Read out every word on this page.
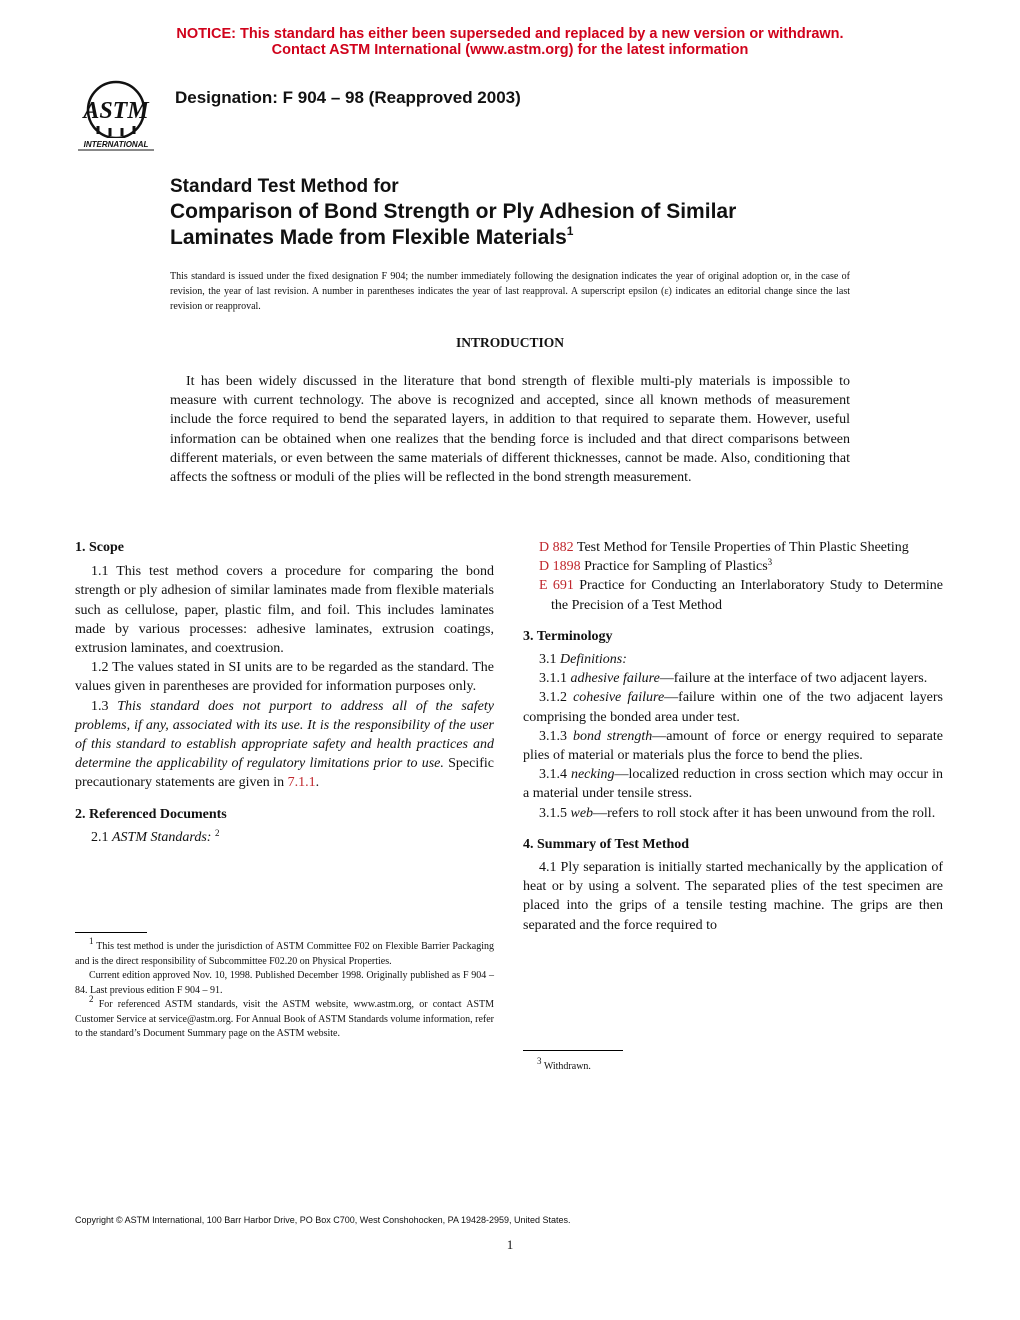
NOTICE: This standard has either been superseded and replaced by a new version or withdrawn.
Contact ASTM International (www.astm.org) for the latest information
ASTM
INTERNATIONAL
Designation: F 904 – 98 (Reapproved 2003)
Standard Test Method for
Comparison of Bond Strength or Ply Adhesion of Similar
Laminates Made from Flexible Materials$^1$
This standard is issued under the fixed designation F 904; the number immediately following the designation indicates the year of original adoption or, in the case of revision, the year of last revision. A number in parentheses indicates the year of last reapproval. A superscript epsilon (ε) indicates an editorial change since the last revision or reapproval.
INTRODUCTION
It has been widely discussed in the literature that bond strength of flexible multi-ply materials is impossible to measure with current technology. The above is recognized and accepted, since all known methods of measurement include the force required to bend the separated layers, in addition to that required to separate them. However, useful information can be obtained when one realizes that the bending force is included and that direct comparisons between different materials, or even between the same materials of different thicknesses, cannot be made. Also, conditioning that affects the softness or moduli of the plies will be reflected in the bond strength measurement.
1. Scope

1.1 This test method covers a procedure for comparing the bond strength or ply adhesion of similar laminates made from flexible materials such as cellulose, paper, plastic film, and foil. This includes laminates made by various processes: adhesive laminates, extrusion coatings, extrusion laminates, and coextrusion.

1.2 The values stated in SI units are to be regarded as the standard. The values given in parentheses are provided for information purposes only.

1.3 This standard does not purport to address all of the safety problems, if any, associated with its use. It is the responsibility of the user of this standard to establish appropriate safety and health practices and determine the applicability of regulatory limitations prior to use. Specific precautionary statements are given in 7.1.1.

2. Referenced Documents

2.1 ASTM Standards: $^2$

$^1$ This test method is under the jurisdiction of ASTM Committee F02 on Flexible Barrier Packaging and is the direct responsibility of Subcommittee F02.20 on Physical Properties.

Current edition approved Nov. 10, 1998. Published December 1998. Originally published as F 904 – 84. Last previous edition F 904 – 91.

$^2$ For referenced ASTM standards, visit the ASTM website, www.astm.org, or contact ASTM Customer Service at service@astm.org. For Annual Book of ASTM Standards volume information, refer to the standard’s Document Summary page on the ASTM website.

D 882 Test Method for Tensile Properties of Thin Plastic Sheeting

D 1898 Practice for Sampling of Plastics$^3$

E 691 Practice for Conducting an Interlaboratory Study to Determine the Precision of a Test Method

3. Terminology

3.1 Definitions:

3.1.1 adhesive failure—failure at the interface of two adjacent layers.

3.1.2 cohesive failure—failure within one of the two adjacent layers comprising the bonded area under test.

3.1.3 bond strength—amount of force or energy required to separate plies of material or materials plus the force to bend the plies.

3.1.4 necking—localized reduction in cross section which may occur in a material under tensile stress.

3.1.5 web—refers to roll stock after it has been unwound from the roll.

4. Summary of Test Method

4.1 Ply separation is initially started mechanically by the application of heat or by using a solvent. The separated plies of the test specimen are placed into the grips of a tensile testing machine. The grips are then separated and the force required to

$^3$ Withdrawn.

Copyright © ASTM International, 100 Barr Harbor Drive, PO Box C700, West Conshohocken, PA 19428-2959, United States.
1
